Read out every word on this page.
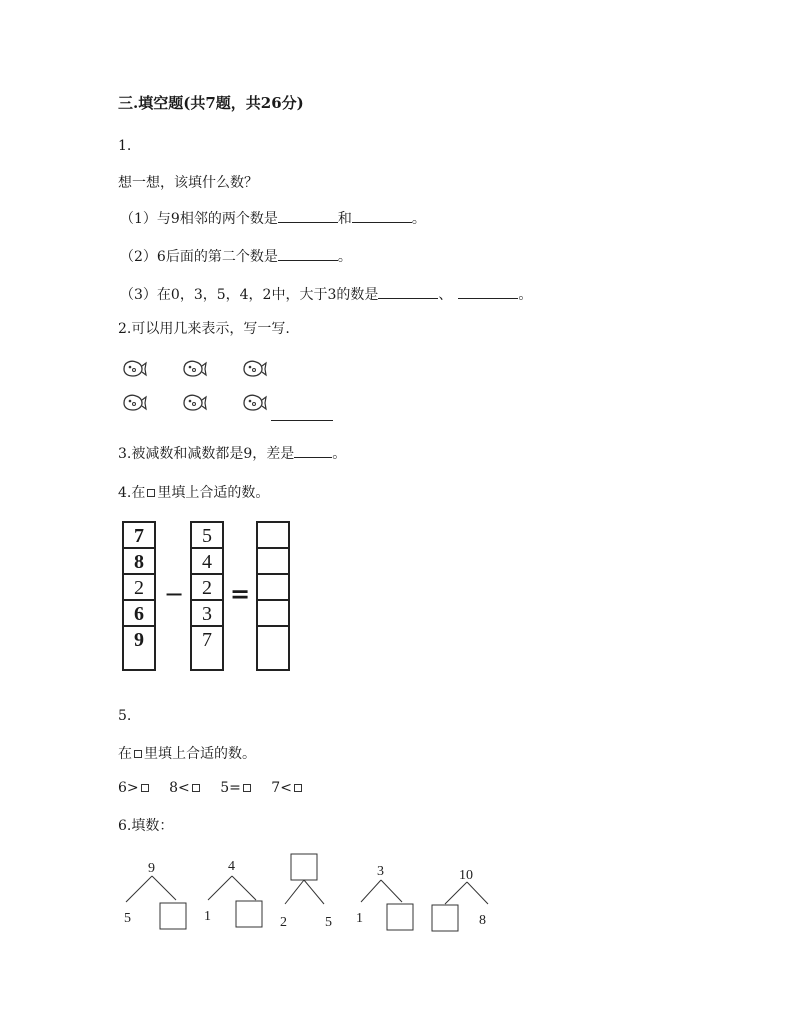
三.填空题(共7题，共26分)
1.
想一想，该填什么数？
（1）与9相邻的两个数是	和	。
（2）6后面的第二个数是	。
（3）在0，3，5，4，2中，大于3的数是	、	。
2.可以用几来表示，写一写.
3.被减数和减数都是9，差是	。
4.在 里填上合适的数。
7
8
2
6
9
−
5
4
2
3
7
=
5.
在 里填上合适的数。
6> 8< 5= 7<
6.填数：
9
5
4
1	2	5
3
1
10
8
